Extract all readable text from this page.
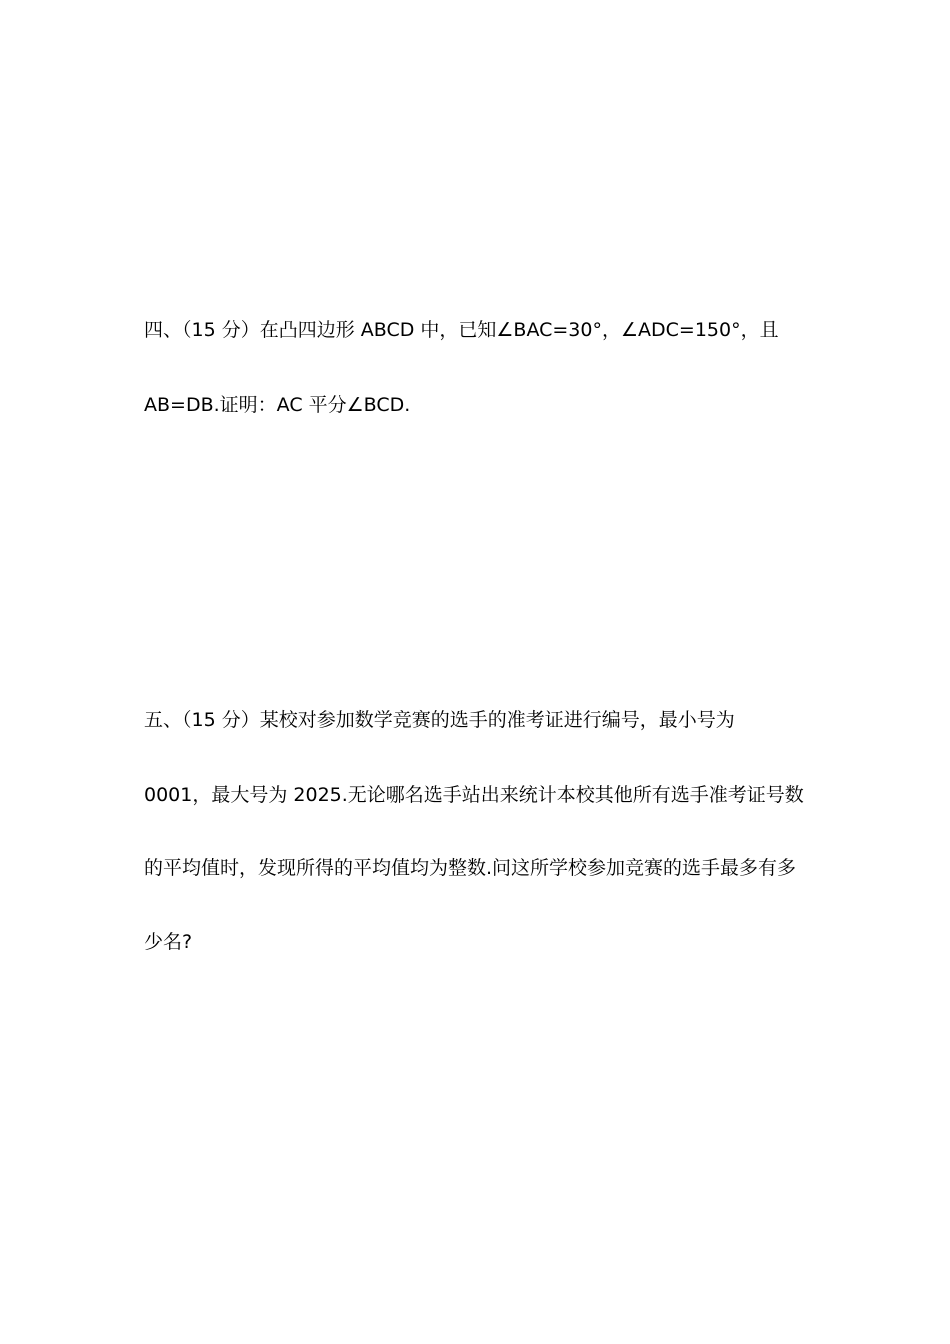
四、（15 分）在凸四边形 ABCD 中，已知∠BAC=30°，∠ADC=150°，且
AB=DB.证明：AC 平分∠BCD.
五、（15 分）某校对参加数学竞赛的选手的准考证进行编号，最小号为
0001，最大号为 2025.无论哪名选手站出来统计本校其他所有选手准考证号数
的平均值时，发现所得的平均值均为整数.问这所学校参加竞赛的选手最多有多
少名?
